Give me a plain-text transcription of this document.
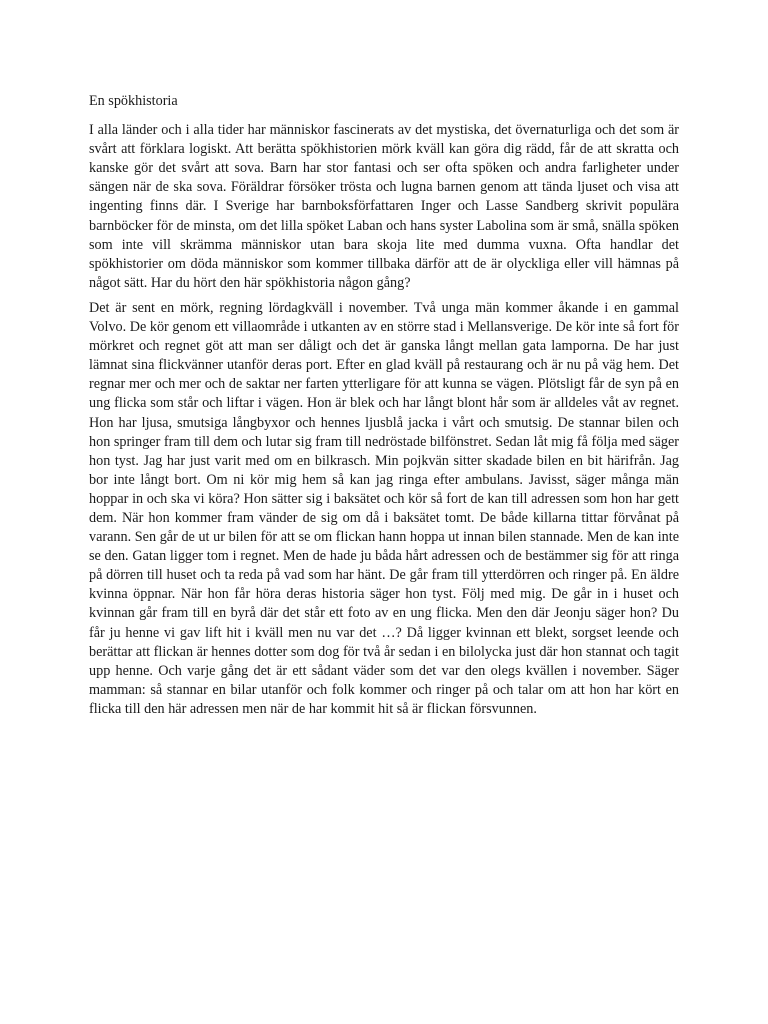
En spökhistoria

I alla länder och i alla tider har människor fascinerats av det mystiska, det övernaturliga och det som är svårt att förklara logiskt. Att berätta spökhistorien mörk kväll kan göra dig rädd, får de att skratta och kanske gör det svårt att sova. Barn har stor fantasi och ser ofta spöken och andra farligheter under sängen när de ska sova. Föräldrar försöker trösta och lugna barnen genom att tända ljuset och visa att ingenting finns där. I Sverige har barnboksförfattaren Inger och Lasse Sandberg skrivit populära barnböcker för de minsta, om det lilla spöket Laban och hans syster Labolina som är små, snälla spöken som inte vill skrämma människor utan bara skoja lite med dumma vuxna. Ofta handlar det spökhistorier om döda människor som kommer tillbaka därför att de är olyckliga eller vill hämnas på något sätt. Har du hört den här spökhistoria någon gång?

Det är sent en mörk, regning lördagkväll i november. Två unga män kommer åkande i en gammal Volvo. De kör genom ett villaområde i utkanten av en större stad i Mellansverige. De kör inte så fort för mörkret och regnet göt att man ser dåligt och det är ganska långt mellan gata lamporna. De har just lämnat sina flickvänner utanför deras port. Efter en glad kväll på restaurang och är nu på väg hem. Det regnar mer och mer och de saktar ner farten ytterligare för att kunna se vägen. Plötsligt får de syn på en ung flicka som står och liftar i vägen. Hon är blek och har långt blont hår som är alldeles våt av regnet. Hon har ljusa, smutsiga långbyxor och hennes ljusblå jacka i vårt och smutsig. De stannar bilen och hon springer fram till dem och lutar sig fram till nedröstade bilfönstret. Sedan låt mig få följa med säger hon tyst. Jag har just varit med om en bilkrasch. Min pojkvän sitter skadade bilen en bit härifrån. Jag bor inte långt bort. Om ni kör mig hem så kan jag ringa efter ambulans. Javisst, säger många män hoppar in och ska vi köra? Hon sätter sig i baksätet och kör så fort de kan till adressen som hon har gett dem. När hon kommer fram vänder de sig om då i baksätet tomt. De både killarna tittar förvånat på varann. Sen går de ut ur bilen för att se om flickan hann hoppa ut innan bilen stannade. Men de kan inte se den. Gatan ligger tom i regnet. Men de hade ju båda hårt adressen och de bestämmer sig för att ringa på dörren till huset och ta reda på vad som har hänt. De går fram till ytterdörren och ringer på. En äldre kvinna öppnar. När hon får höra deras historia säger hon tyst. Följ med mig. De går in i huset och kvinnan går fram till en byrå där det står ett foto av en ung flicka. Men den där Jeonju säger hon? Du får ju henne vi gav lift hit i kväll men nu var det …? Då ligger kvinnan ett blekt, sorgset leende och berättar att flickan är hennes dotter som dog för två år sedan i en bilolycka just där hon stannat och tagit upp henne. Och varje gång det är ett sådant väder som det var den olegs kvällen i november. Säger mamman: så stannar en bilar utanför och folk kommer och ringer på och talar om att hon har kört en flicka till den här adressen men när de har kommit hit så är flickan försvunnen.
